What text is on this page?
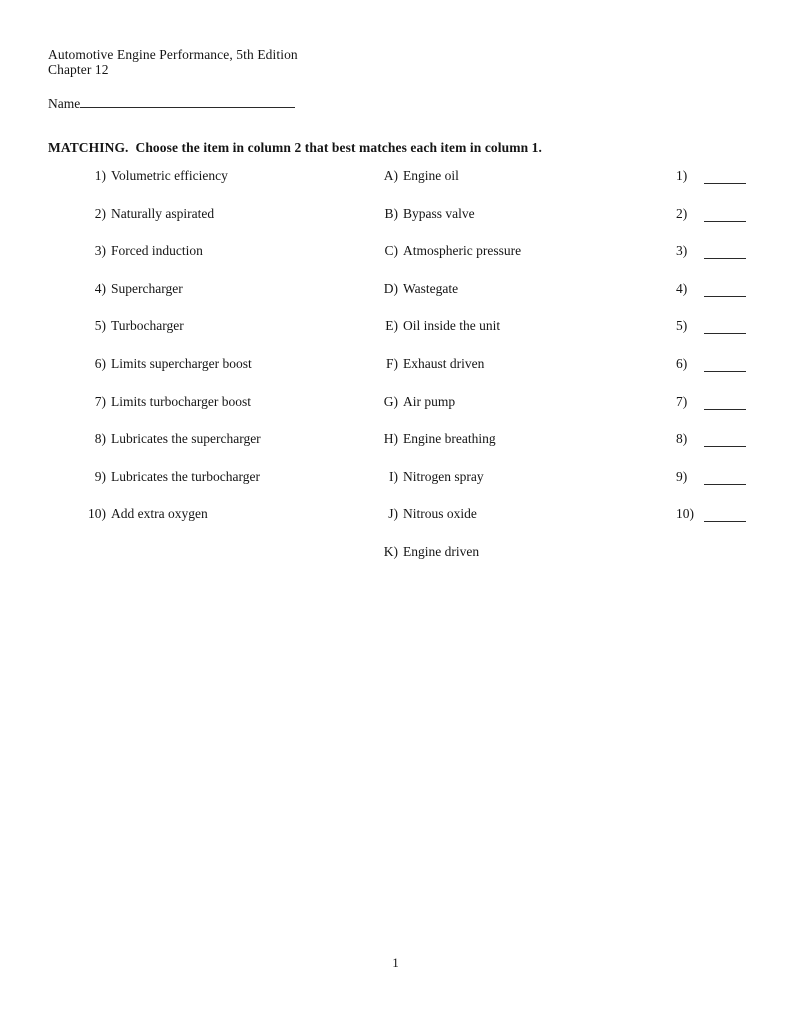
Automotive Engine Performance, 5th Edition
Chapter 12
Name
MATCHING.  Choose the item in column 2 that best matches each item in column 1.
1) Volumetric efficiency	A) Engine oil	1)
2) Naturally aspirated	B) Bypass valve	2)
3) Forced induction	C) Atmospheric pressure	3)
4) Supercharger	D) Wastegate	4)
5) Turbocharger	E) Oil inside the unit	5)
6) Limits supercharger boost	F) Exhaust driven	6)
7) Limits turbocharger boost	G) Air pump	7)
8) Lubricates the supercharger	H) Engine breathing	8)
9) Lubricates the turbocharger	I) Nitrogen spray	9)
10) Add extra oxygen	J) Nitrous oxide	10)
K) Engine driven
1
